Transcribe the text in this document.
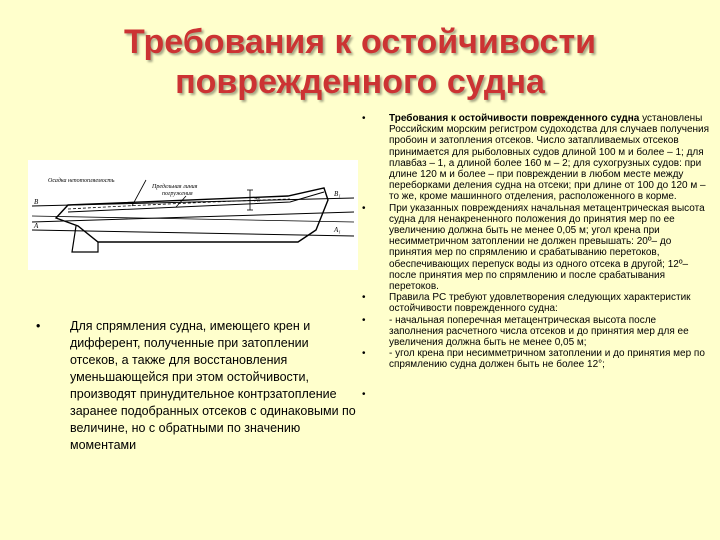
Требования к остойчивости поврежденного судна
Осадка непотопляемость
Предельная линия
погружения
75
В
В₁
А	А₁
• Для спрямления судна, имеющего крен и дифферент, полученные при затоплении отсеков, а также для восстановления уменьшающейся при этом остойчивости, производят принудительное контрзатопление заранее подобранных отсеков с одинаковыми по величине, но с обратными по значению моментами
• Требования к остойчивости поврежденного судна установлены Российским морским регистром судоходства для случаев получения пробоин и затопления отсеков. Число затапливаемых отсеков принимается для рыболовных судов длиной 100 м и более – 1; для плавбаз – 1, а длиной более 160 м – 2; для сухогрузных судов: при длине 120 м и более – при повреждении в любом месте между переборками деления судна на отсеки; при длине от 100 до 120 м – то же, кроме машинного отделения, расположенного в корме.
• При указанных повреждениях начальная метацентрическая высота судна для ненакрененного положения до принятия мер по ее увеличению должна быть не менее 0,05 м; угол крена при несимметричном затоплении не должен превышать: 20º– до принятия мер по спрямлению и срабатыванию перетоков, обеспечивающих перепуск воды из одного отсека в другой; 12º– после принятия мер по спрямлению и после срабатывания перетоков.
• Правила РС требуют удовлетворения следующих характеристик остойчивости поврежденного судна:
• - начальная поперечная метацентрическая высота после заполнения расчетного числа отсеков и до принятия мер для ее увеличения должна быть не менее 0,05 м;
• - угол крена при несимметричном затоплении и до принятия мер по спрямлению судна должен быть не более 12°;
•
